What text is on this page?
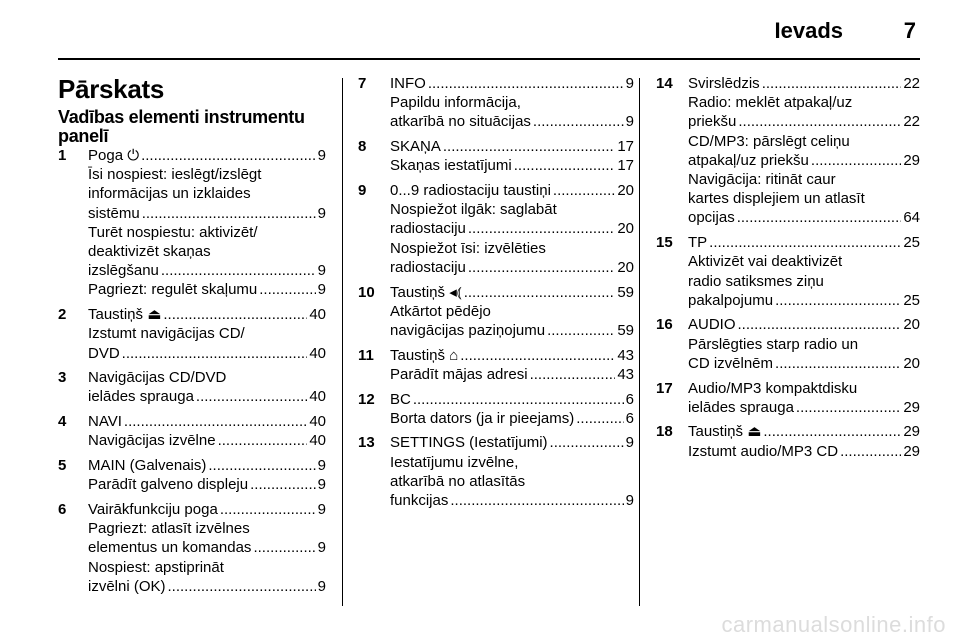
Ievads	7
Pārskats
Vadības elementi instrumentu
panelī
1	Poga ⏻ .....	9
Īsi nospiest: ieslēgt/izslēgt
informācijas un izklaides
sistēmu .....	9
Turēt nospiestu: aktivizēt/
deaktivizēt skaņas
izslēgšanu .....	9
Pagriezt: regulēt skaļumu .....	9
2	Taustiņš ⏏ .....	40
Izstumt navigācijas CD/
DVD .....	40
3	Navigācijas CD/DVD
ielādes sprauga .....	40
4	NAVI .....	40
Navigācijas izvēlne .....	40
5	MAIN (Galvenais) .....	9
Parādīt galveno displeju .....	9
6	Vairākfunkciju poga .....	9
Pagriezt: atlasīt izvēlnes
elementus un komandas .....	9
Nospiest: apstiprināt
izvēlni (OK) .....	9
7	INFO .....	9
Papildu informācija,
atkarībā no situācijas .....	9
8	SKAŅA .....	17
Skaņas iestatījumi .....	17
9	0...9 radiostaciju taustiņi .....	20
Nospiežot ilgāk: saglabāt
radiostaciju .....	20
Nospiežot īsi: izvēlēties
radiostaciju .....	20
10	Taustiņš ◂⦅ .....	59
Atkārtot pēdējo
navigācijas paziņojumu .....	59
11	Taustiņš ⌂ .....	43
Parādīt mājas adresi .....	43
12	BC .....	6
Borta dators (ja ir pieejams) .....	6
13	SETTINGS (Iestatījumi) .....	9
Iestatījumu izvēlne,
atkarībā no atlasītās
funkcijas .....	9
14	Svirslēdzis .....	22
Radio: meklēt atpakaļ/uz
priekšu .....	22
CD/MP3: pārslēgt celiņu
atpakaļ/uz priekšu .....	29
Navigācija: ritināt caur
kartes displejiem un atlasīt
opcijas .....	64
15	TP .....	25
Aktivizēt vai deaktivizēt
radio satiksmes ziņu
pakalpojumu .....	25
16	AUDIO .....	20
Pārslēgties starp radio un
CD izvēlnēm .....	20
17	Audio/MP3 kompaktdisku
ielādes sprauga .....	29
18	Taustiņš ⏏ .....	29
Izstumt audio/MP3 CD .....	29
carmanualsonline.info
